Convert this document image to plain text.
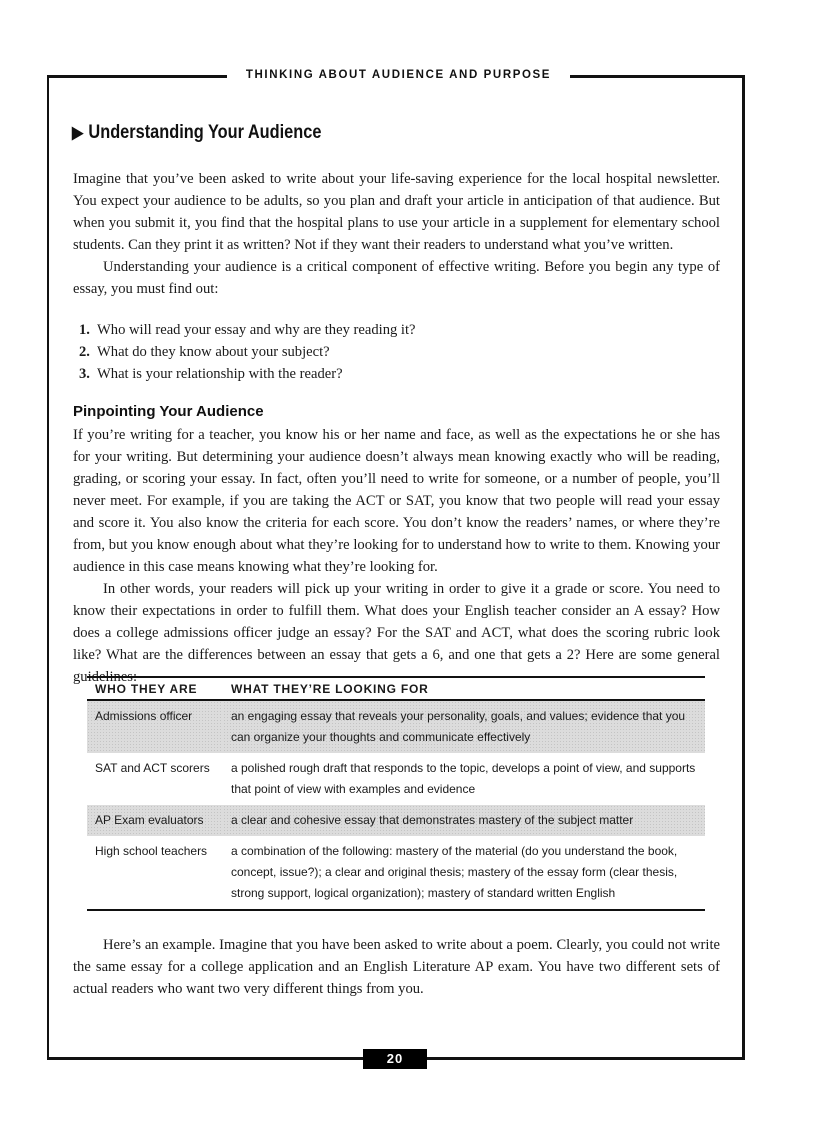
THINKING ABOUT AUDIENCE AND PURPOSE
▶ Understanding Your Audience

Imagine that you’ve been asked to write about your life-saving experience for the local hospital newsletter. You expect your audience to be adults, so you plan and draft your article in anticipation of that audience. But when you submit it, you find that the hospital plans to use your article in a supplement for elementary school students. Can they print it as written? Not if they want their readers to understand what you’ve written.

Understanding your audience is a critical component of effective writing. Before you begin any type of essay, you must find out:

1. Who will read your essay and why are they reading it?
2. What do they know about your subject?
3. What is your relationship with the reader?
Pinpointing Your Audience

If you’re writing for a teacher, you know his or her name and face, as well as the expectations he or she has for your writing. But determining your audience doesn’t always mean knowing exactly who will be reading, grading, or scoring your essay. In fact, often you’ll need to write for someone, or a number of people, you’ll never meet. For example, if you are taking the ACT or SAT, you know that two people will read your essay and score it. You also know the criteria for each score. You don’t know the readers’ names, or where they’re from, but you know enough about what they’re looking for to understand how to write to them. Knowing your audience in this case means knowing what they’re looking for.

In other words, your readers will pick up your writing in order to give it a grade or score. You need to know their expectations in order to fulfill them. What does your English teacher consider an A essay? How does a college admissions officer judge an essay? For the SAT and ACT, what does the scoring rubric look like? What are the differences between an essay that gets a 6, and one that gets a 2? Here are some general guidelines:

WHO THEY ARE	WHAT THEY’RE LOOKING FOR
Admissions officer	an engaging essay that reveals your personality, goals, and values; evidence that you can organize your thoughts and communicate effectively
SAT and ACT scorers	a polished rough draft that responds to the topic, develops a point of view, and supports that point of view with examples and evidence
AP Exam evaluators	a clear and cohesive essay that demonstrates mastery of the subject matter
High school teachers	a combination of the following: mastery of the material (do you understand the book, concept, issue?); a clear and original thesis; mastery of the essay form (clear thesis, strong support, logical organization); mastery of standard written English

Here’s an example. Imagine that you have been asked to write about a poem. Clearly, you could not write the same essay for a college application and an English Literature AP exam. You have two different sets of actual readers who want two very different things from you.

20
